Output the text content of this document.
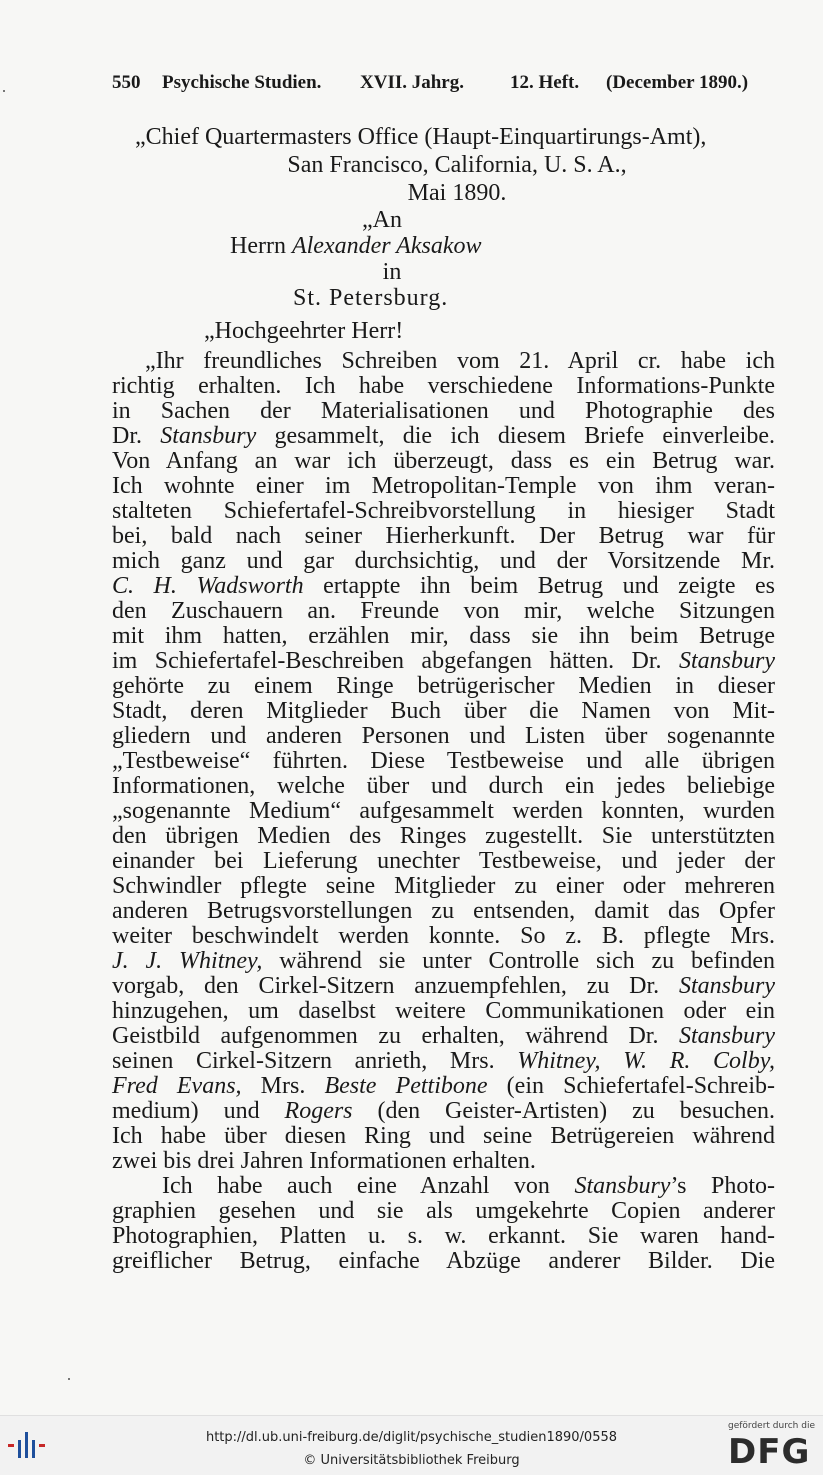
550 Psychische Studien. XVII. Jahrg. 12. Heft. (December 1890.)
„Chief Quartermasters Office (Haupt-Einquartirungs-Amt),
San Francisco, California, U. S. A.,
Mai 1890.
„An
Herrn Alexander Aksakow
in
St. Petersburg.
„Hochgeehrter Herr!
„Ihr freundliches Schreiben vom 21. April cr. habe ich
richtig erhalten. Ich habe verschiedene Informations-Punkte
in Sachen der Materialisationen und Photographie des
Dr. Stansbury gesammelt, die ich diesem Briefe einverleibe.
Von Anfang an war ich überzeugt, dass es ein Betrug war.
Ich wohnte einer im Metropolitan-Temple von ihm veran-
stalteten Schiefertafel-Schreibvorstellung in hiesiger Stadt
bei, bald nach seiner Hierherkunft. Der Betrug war für
mich ganz und gar durchsichtig, und der Vorsitzende Mr.
C. H. Wadsworth ertappte ihn beim Betrug und zeigte es
den Zuschauern an. Freunde von mir, welche Sitzungen
mit ihm hatten, erzählen mir, dass sie ihn beim Betruge
im Schiefertafel-Beschreiben abgefangen hätten. Dr. Stansbury
gehörte zu einem Ringe betrügerischer Medien in dieser
Stadt, deren Mitglieder Buch über die Namen von Mit-
gliedern und anderen Personen und Listen über sogenannte
„Testbeweise“ führten. Diese Testbeweise und alle übrigen
Informationen, welche über und durch ein jedes beliebige
„sogenannte Medium“ aufgesammelt werden konnten, wurden
den übrigen Medien des Ringes zugestellt. Sie unterstützten
einander bei Lieferung unechter Testbeweise, und jeder der
Schwindler pflegte seine Mitglieder zu einer oder mehreren
anderen Betrugsvorstellungen zu entsenden, damit das Opfer
weiter beschwindelt werden konnte. So z. B. pflegte Mrs.
J. J. Whitney, während sie unter Controlle sich zu befinden
vorgab, den Cirkel-Sitzern anzuempfehlen, zu Dr. Stansbury
hinzugehen, um daselbst weitere Communikationen oder ein
Geistbild aufgenommen zu erhalten, während Dr. Stansbury
seinen Cirkel-Sitzern anrieth, Mrs. Whitney, W. R. Colby,
Fred Evans, Mrs. Beste Pettibone (ein Schiefertafel-Schreib-
medium) und Rogers (den Geister-Artisten) zu besuchen.
Ich habe über diesen Ring und seine Betrügereien während
zwei bis drei Jahren Informationen erhalten.
Ich habe auch eine Anzahl von Stansbury’s Photo-
graphien gesehen und sie als umgekehrte Copien anderer
Photographien, Platten u. s. w. erkannt. Sie waren hand-
greiflicher Betrug, einfache Abzüge anderer Bilder. Die
http://dl.ub.uni-freiburg.de/diglit/psychische_studien1890/0558
© Universitätsbibliothek Freiburg
gefördert durch die
DFG
